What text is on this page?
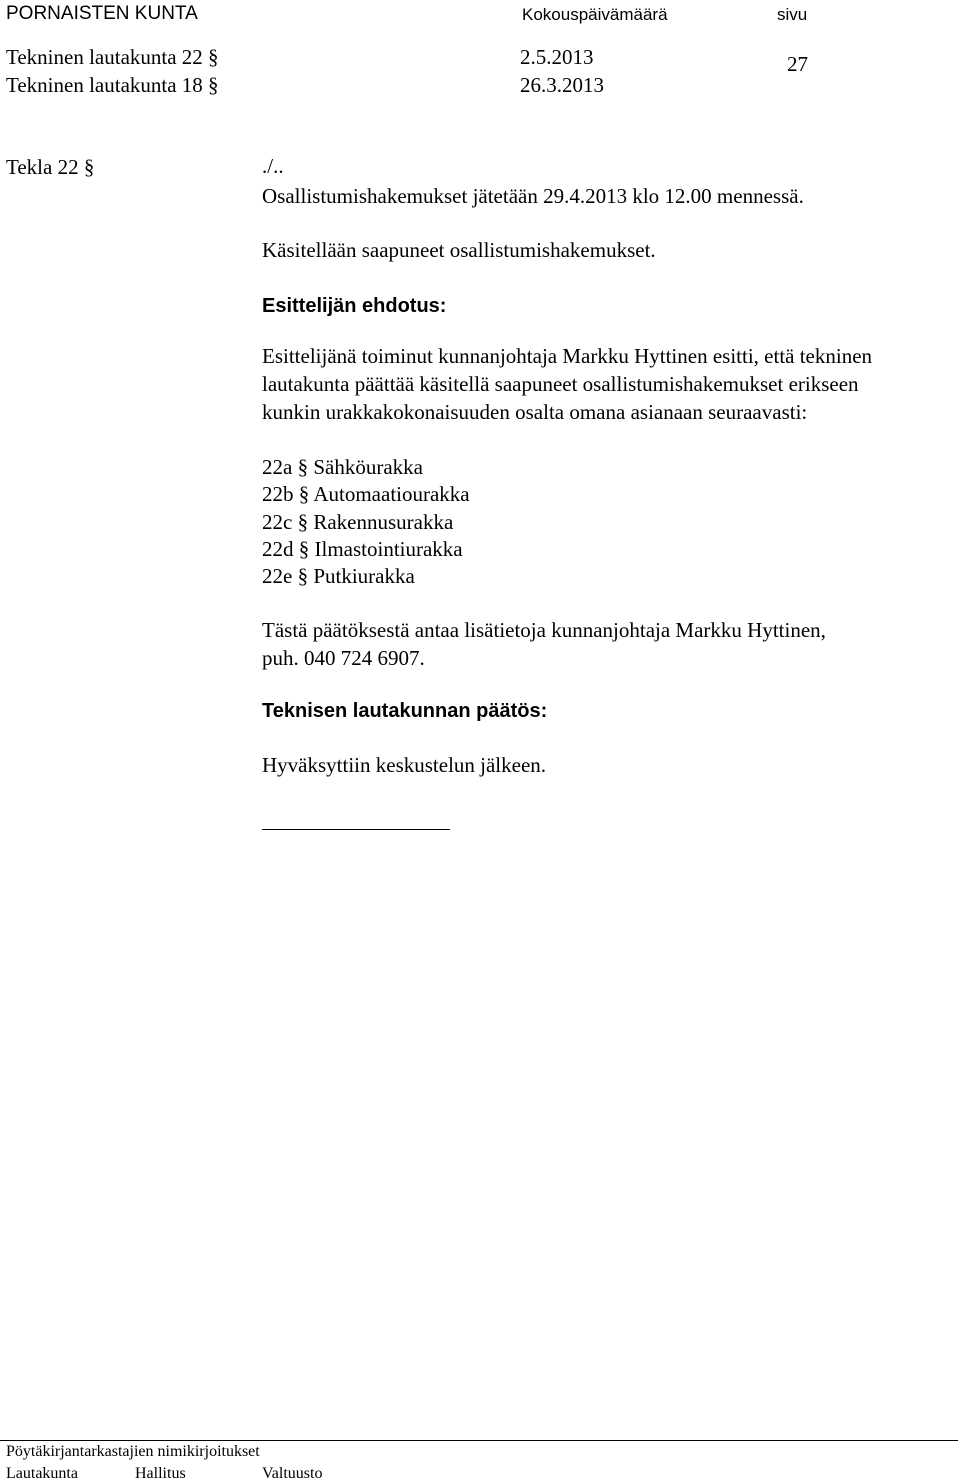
PORNAISTEN KUNTA	Kokouspäivämäärä	sivu
Tekninen lautakunta 22 §	2.5.2013	27
Tekninen lautakunta 18 §	26.3.2013
Tekla 22 §	./..
Osallistumishakemukset jätetään 29.4.2013 klo 12.00 mennessä.
Käsitellään saapuneet osallistumishakemukset.
Esittelijän ehdotus:
Esittelijänä toiminut kunnanjohtaja Markku Hyttinen esitti, että tekninen
lautakunta päättää käsitellä saapuneet osallistumishakemukset erikseen
kunkin urakkakokonaisuuden osalta omana asianaan seuraavasti:
22a § Sähköurakka
22b § Automaatiourakka
22c § Rakennusurakka
22d § Ilmastointiurakka
22e § Putkiurakka
Tästä päätöksestä antaa lisätietoja kunnanjohtaja Markku Hyttinen,
puh. 040 724 6907.
Teknisen lautakunnan päätös:
Hyväksyttiin keskustelun jälkeen.
Pöytäkirjantarkastajien nimikirjoitukset
Lautakunta	Hallitus	Valtuusto
